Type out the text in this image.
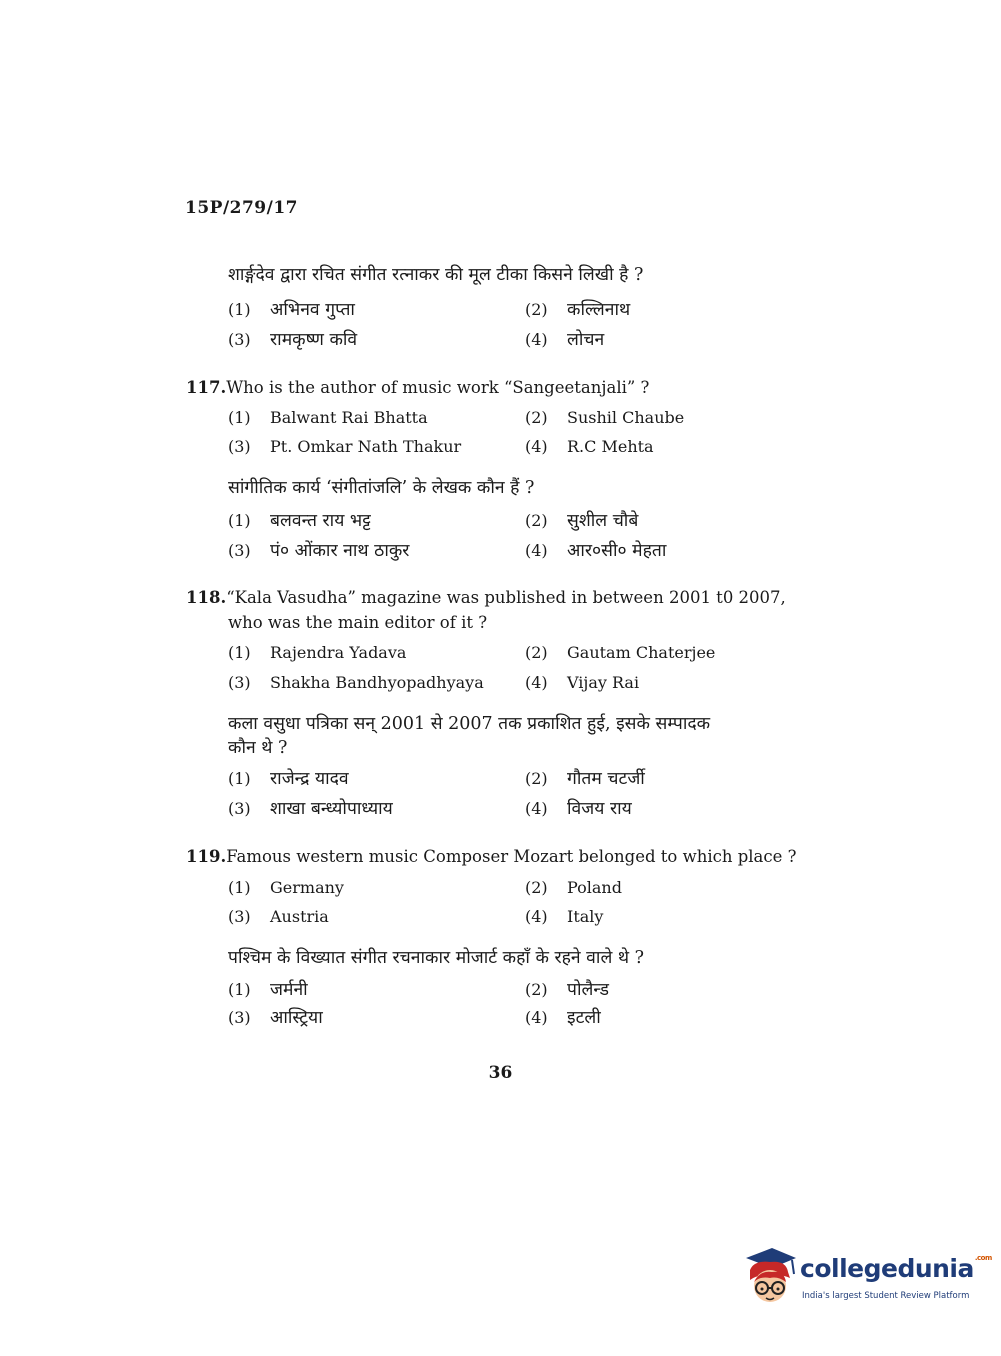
15P/279/17
शार्ङ्गदेव द्वारा रचित संगीत रत्नाकर की मूल टीका किसने लिखी है ?
(1) अभिनव गुप्ता	(2) कल्लिनाथ
(3) रामकृष्ण कवि	(4) लोचन
117.Who is the author of music work “Sangeetanjali” ?
(1) Balwant Rai Bhatta	(2) Sushil Chaube
(3) Pt. Omkar Nath Thakur	(4) R.C Mehta
सांगीतिक कार्य ‘संगीतांजलि’ के लेखक कौन हैं ?
(1) बलवन्त राय भट्ट	(2) सुशील चौबे
(3) पं० ओंकार नाथ ठाकुर	(4) आर०सी० मेहता
118.“Kala Vasudha” magazine was published in between 2001 t0 2007,
who was the main editor of it ?
(1) Rajendra Yadava	(2) Gautam Chaterjee
(3) Shakha Bandhyopadhyaya	(4) Vijay Rai
कला वसुधा पत्रिका सन् 2001 से 2007 तक प्रकाशित हुई, इसके सम्पादक
कौन थे ?
(1) राजेन्द्र यादव	(2) गौतम चटर्जी
(3) शाखा बन्ध्योपाध्याय	(4) विजय राय
119.Famous western music Composer Mozart belonged to which place ?
(1) Germany	(2) Poland
(3) Austria	(4) Italy
पश्चिम के विख्यात संगीत रचनाकार मोजार्ट कहाँ के रहने वाले थे ?
(1) जर्मनी	(2) पोलैन्ड
(3) आस्ट्रिया	(4) इटली
36
collegedunia$^{.com}$
India's largest Student Review Platform
